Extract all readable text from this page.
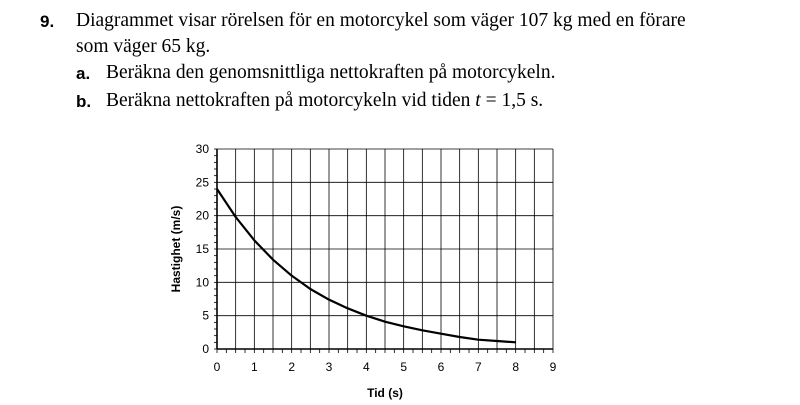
9. Diagrammet visar rörelsen för en motorcykel som väger 107 kg med en förare
som väger 65 kg.
a. Beräkna den genomsnittliga nettokraften på motorcykeln.
b. Beräkna nettokraften på motorcykeln vid tiden t = 1,5 s.
0	1	2	3	4	5	6	7	8	9
0
5
10
15
20
25
30
Tid (s)
Hastighet (m/s)
